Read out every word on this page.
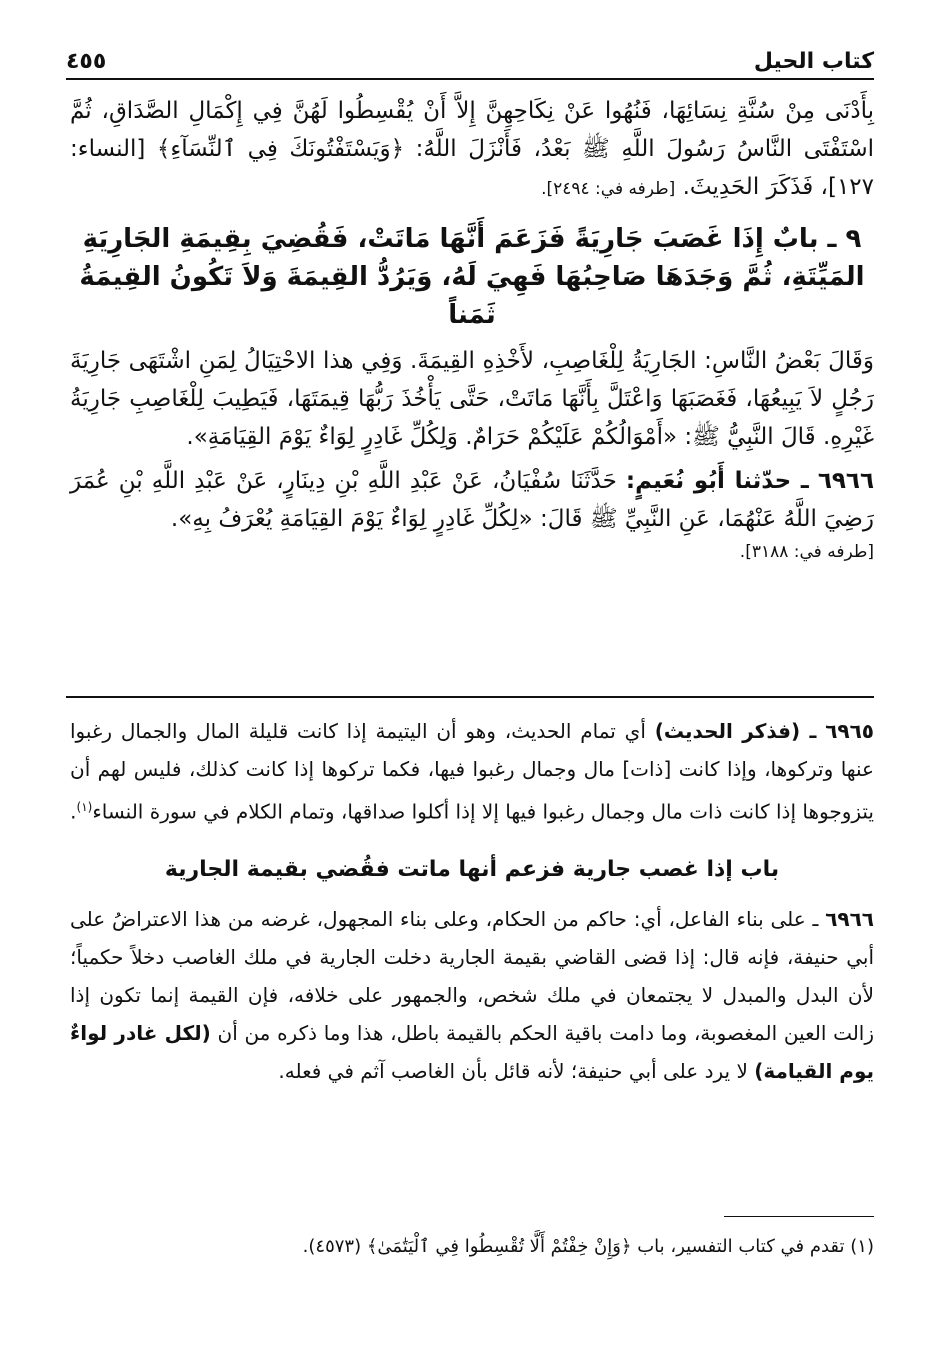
كتاب الحيل
٤٥٥

بِأَدْنَى مِنْ سُنَّةِ نِسَائِهَا، فَنُهُوا عَنْ نِكَاحِهِنَّ إِلاَّ أَنْ يُقْسِطُوا لَهُنَّ فِي إِكْمَالِ الصَّدَاقِ، ثُمَّ اسْتَفْتَى النَّاسُ رَسُولَ اللَّهِ ﷺ بَعْدُ، فَأَنْزَلَ اللَّهُ: ﴿وَيَسْتَفْتُونَكَ فِي ٱلنِّسَآءِ﴾ [النساء: ١٢٧]، فَذَكَرَ الحَدِيثَ. [طرفه في: ٢٤٩٤].

٩ ـ بابٌ إِذَا غَصَبَ جَارِيَةً فَزَعَمَ أَنَّهَا مَاتَتْ، فَقُضِيَ بِقِيمَةِ الجَارِيَةِ المَيِّتَةِ، ثُمَّ وَجَدَهَا صَاحِبُهَا فَهِيَ لَهُ، وَيَرُدُّ القِيمَةَ وَلاَ تَكُونُ القِيمَةُ ثَمَناً

وَقَالَ بَعْضُ النَّاسِ: الجَارِيَةُ لِلْغَاصِبِ، لأَخْذِهِ القِيمَةَ. وَفِي هذا الاحْتِيَالُ لِمَنِ اشْتَهَى جَارِيَةَ رَجُلٍ لاَ يَبِيعُهَا، فَغَصَبَهَا وَاعْتَلَّ بِأَنَّهَا مَاتَتْ، حَتَّى يَأْخُذَ رَبُّهَا قِيمَتَهَا، فَيَطِيبَ لِلْغَاصِبِ جَارِيَةُ غَيْرِهِ. قَالَ النَّبِيُّ ﷺ: «أَمْوَالُكُمْ عَلَيْكُمْ حَرَامٌ. وَلِكُلِّ غَادِرٍ لِوَاءٌ يَوْمَ القِيَامَةِ».

٦٩٦٦ ـ حدّثنا أَبُو نُعَيمٍ: حَدَّثَنَا سُفْيَانُ، عَنْ عَبْدِ اللَّهِ بْنِ دِينَارٍ، عَنْ عَبْدِ اللَّهِ بْنِ عُمَرَ رَضِيَ اللَّهُ عَنْهُمَا، عَنِ النَّبِيِّ ﷺ قَالَ: «لِكُلِّ غَادِرٍ لِوَاءٌ يَوْمَ القِيَامَةِ يُعْرَفُ بِهِ».

[طرفه في: ٣١٨٨].

٦٩٦٥ ـ (فذكر الحديث) أي تمام الحديث، وهو أن اليتيمة إذا كانت قليلة المال والجمال رغبوا عنها وتركوها، وإذا كانت [ذات] مال وجمال رغبوا فيها، فكما تركوها إذا كانت كذلك، فليس لهم أن يتزوجوها إذا كانت ذات مال وجمال رغبوا فيها إلا إذا أكلوا صداقها، وتمام الكلام في سورة النساء$^{(١)}$.

باب إذا غصب جارية فزعم أنها ماتت فقُضي بقيمة الجارية

٦٩٦٦ ـ على بناء الفاعل، أي: حاكم من الحكام، وعلى بناء المجهول، غرضه من هذا الاعتراضُ على أبي حنيفة، فإنه قال: إذا قضى القاضي بقيمة الجارية دخلت الجارية في ملك الغاصب دخلاً حكمياً؛ لأن البدل والمبدل لا يجتمعان في ملك شخص، والجمهور على خلافه، فإن القيمة إنما تكون إذا زالت العين المغصوبة، وما دامت باقية الحكم بالقيمة باطل، هذا وما ذكره من أن (لكل غادر لواءٌ يوم القيامة) لا يرد على أبي حنيفة؛ لأنه قائل بأن الغاصب آثم في فعله.

(١) تقدم في كتاب التفسير، باب ﴿وَإِنْ خِفْتُمْ أَلَّا تُقْسِطُوا فِي ٱلْيَتَٰمَىٰ﴾ (٤٥٧٣).
